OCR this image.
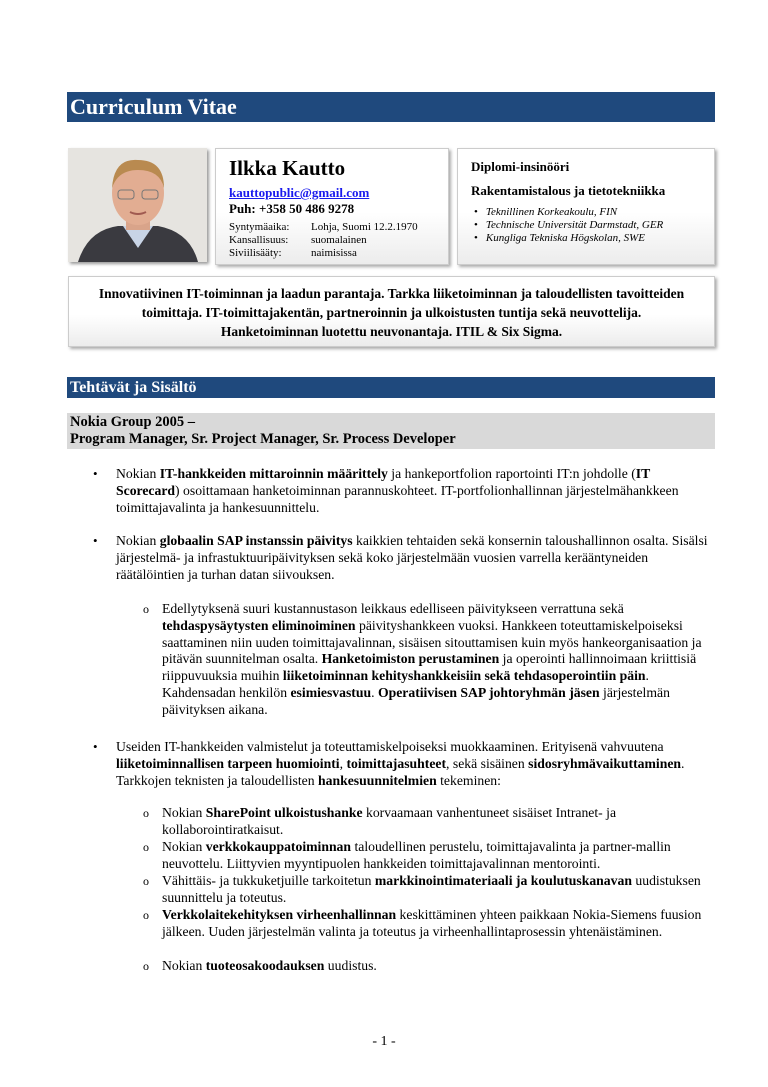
Curriculum Vitae
Ilkka Kautto
kauttopublic@gmail.com
Puh: +358 50 486 9278
Syntymäaika:	Lohja, Suomi 12.2.1970
Kansallisuus:	suomalainen
Siviilisääty:	naimisissa
Diplomi-insinööri
Rakentamistalous ja tietotekniikka
• Teknillinen Korkeakoulu, FIN
• Technische Universität Darmstadt, GER
• Kungliga Tekniska Högskolan, SWE
Innovatiivinen IT-toiminnan ja laadun parantaja. Tarkka liiketoiminnan ja taloudellisten tavoitteiden
toimittaja. IT-toimittajakentän, partneroinnin ja ulkoistusten tuntija sekä neuvottelija.
Hanketoiminnan luotettu neuvonantaja. ITIL & Six Sigma.
Tehtävät ja Sisältö
Nokia Group 2005 –
Program Manager, Sr. Project Manager, Sr. Process Developer
• Nokian IT-hankkeiden mittaroinnin määrittely ja hankeportfolion raportointi IT:n johdolle (IT Scorecard) osoittamaan hanketoiminnan parannuskohteet. IT-portfolionhallinnan järjestelmähankkeen toimittajavalinta ja hankesuunnittelu.
• Nokian globaalin SAP instanssin päivitys kaikkien tehtaiden sekä konsernin taloushallinnon osalta. Sisälsi järjestelmä- ja infrastuktuuripäivityksen sekä koko järjestelmään vuosien varrella kerääntyneiden räätälöintien ja turhan datan siivouksen.
o Edellytyksenä suuri kustannustason leikkaus edelliseen päivitykseen verrattuna sekä tehdaspysäytysten eliminoiminen päivityshankkeen vuoksi. Hankkeen toteuttamiskelpoiseksi saattaminen niin uuden toimittajavalinnan, sisäisen sitouttamisen kuin myös hankeorganisaation ja pitävän suunnitelman osalta. Hanketoimiston perustaminen ja operointi hallinnoimaan kriittisiä riippuvuuksia muihin liiketoiminnan kehityshankkeisiin sekä tehdasoperointiin päin. Kahdensadan henkilön esimiesvastuu. Operatiivisen SAP johtoryhmän jäsen järjestelmän päivityksen aikana.
• Useiden IT-hankkeiden valmistelut ja toteuttamiskelpoiseksi muokkaaminen. Erityisenä vahvuutena liiketoiminnallisen tarpeen huomiointi, toimittajasuhteet, sekä sisäinen sidosryhmävaikuttaminen. Tarkkojen teknisten ja taloudellisten hankesuunnitelmien tekeminen:
o Nokian SharePoint ulkoistushanke korvaamaan vanhentuneet sisäiset Intranet- ja kollaborointiratkaisut.
o Nokian verkkokauppatoiminnan taloudellinen perustelu, toimittajavalinta ja partner-mallin neuvottelu. Liittyvien myyntipuolen hankkeiden toimittajavalinnan mentorointi.
o Vähittäis- ja tukkuketjuille tarkoitetun markkinointimateriaali ja koulutuskanavan uudistuksen suunnittelu ja toteutus.
o Verkkolaitekehityksen virheenhallinnan keskittäminen yhteen paikkaan Nokia-Siemens fuusion jälkeen. Uuden järjestelmän valinta ja toteutus ja virheenhallintaprosessin yhtenäistäminen.
o Nokian tuoteosakoodauksen uudistus.
- 1 -
